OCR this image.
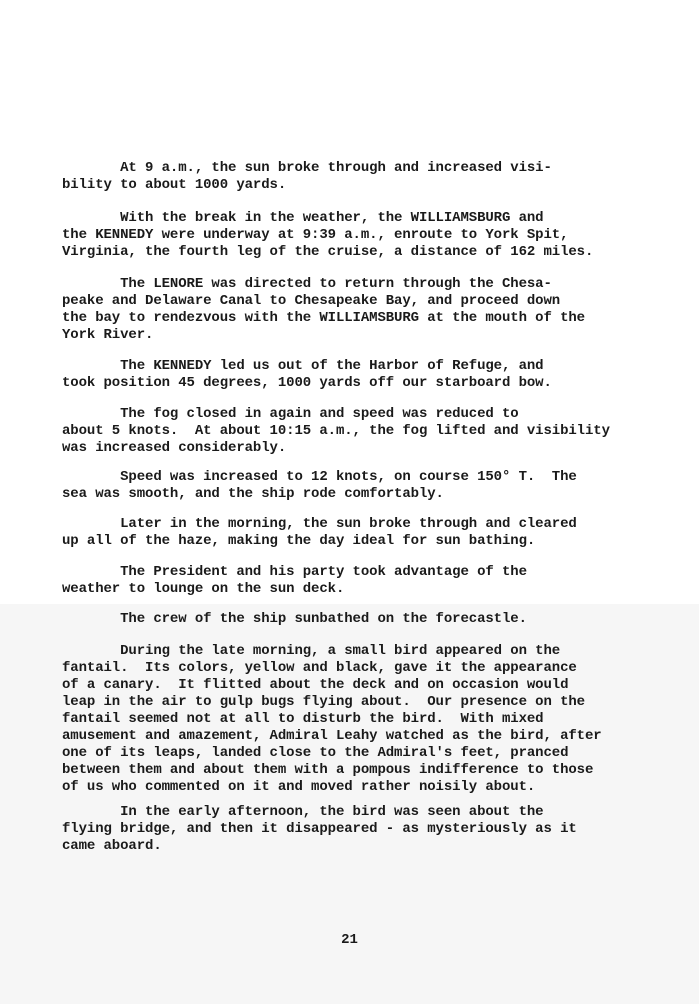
At 9 a.m., the sun broke through and increased visi-
bility to about 1000 yards.

With the break in the weather, the WILLIAMSBURG and
the KENNEDY were underway at 9:39 a.m., enroute to York Spit,
Virginia, the fourth leg of the cruise, a distance of 162 miles.

The LENORE was directed to return through the Chesa-
peake and Delaware Canal to Chesapeake Bay, and proceed down
the bay to rendezvous with the WILLIAMSBURG at the mouth of the
York River.

The KENNEDY led us out of the Harbor of Refuge, and
took position 45 degrees, 1000 yards off our starboard bow.

The fog closed in again and speed was reduced to
about 5 knots.  At about 10:15 a.m., the fog lifted and visibility
was increased considerably.

Speed was increased to 12 knots, on course 150° T.  The
sea was smooth, and the ship rode comfortably.

Later in the morning, the sun broke through and cleared
up all of the haze, making the day ideal for sun bathing.

The President and his party took advantage of the
weather to lounge on the sun deck.

The crew of the ship sunbathed on the forecastle.

During the late morning, a small bird appeared on the
fantail.  Its colors, yellow and black, gave it the appearance
of a canary.  It flitted about the deck and on occasion would
leap in the air to gulp bugs flying about.  Our presence on the
fantail seemed not at all to disturb the bird.  With mixed
amusement and amazement, Admiral Leahy watched as the bird, after
one of its leaps, landed close to the Admiral's feet, pranced
between them and about them with a pompous indifference to those
of us who commented on it and moved rather noisily about.

In the early afternoon, the bird was seen about the
flying bridge, and then it disappeared - as mysteriously as it
came aboard.

21
